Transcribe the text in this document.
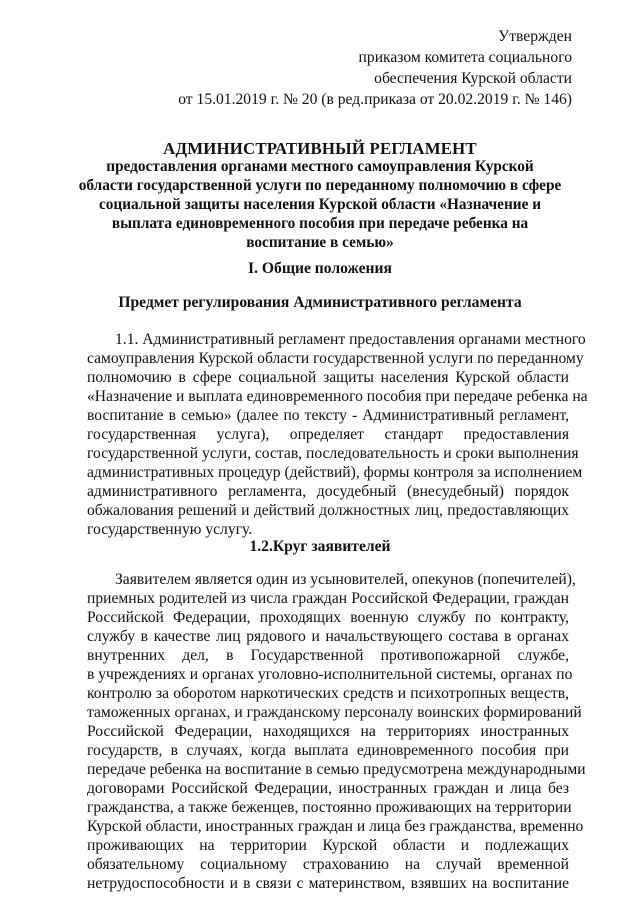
Утвержден
приказом комитета социального
обеспечения Курской области
от 15.01.2019 г. № 20 (в ред.приказа от 20.02.2019 г. № 146)
АДМИНИСТРАТИВНЫЙ РЕГЛАМЕНТ
предоставления органами местного самоуправления Курской
области государственной услуги по переданному полномочию в сфере
социальной защиты населения Курской области «Назначение и
выплата единовременного пособия при передаче ребенка на
воспитание в семью»
I. Общие положения
Предмет регулирования Административного регламента
1.1. Административный регламент предоставления органами местного
самоуправления Курской области государственной услуги по переданному
полномочию в сфере социальной защиты населения Курской области
«Назначение и выплата единовременного пособия при передаче ребенка на
воспитание в семью» (далее по тексту - Административный регламент,
государственная услуга), определяет стандарт предоставления
государственной услуги, состав, последовательность и сроки выполнения
административных процедур (действий), формы контроля за исполнением
административного регламента, досудебный (внесудебный) порядок
обжалования решений и действий должностных лиц, предоставляющих
государственную услугу.
1.2.Круг заявителей
Заявителем является один из усыновителей, опекунов (попечителей),
приемных родителей из числа граждан Российской Федерации, граждан
Российской Федерации, проходящих военную службу по контракту,
службу в качестве лиц рядового и начальствующего состава в органах
внутренних дел, в Государственной противопожарной службе,
в учреждениях и органах уголовно-исполнительной системы, органах по
контролю за оборотом наркотических средств и психотропных веществ,
таможенных органах, и гражданскому персоналу воинских формирований
Российской Федерации, находящихся на территориях иностранных
государств, в случаях, когда выплата единовременного пособия при
передаче ребенка на воспитание в семью предусмотрена международными
договорами Российской Федерации, иностранных граждан и лица без
гражданства, а также беженцев, постоянно проживающих на территории
Курской области, иностранных граждан и лица без гражданства, временно
проживающих на территории Курской области и подлежащих
обязательному социальному страхованию на случай временной
нетрудоспособности и в связи с материнством, взявших на воспитание
